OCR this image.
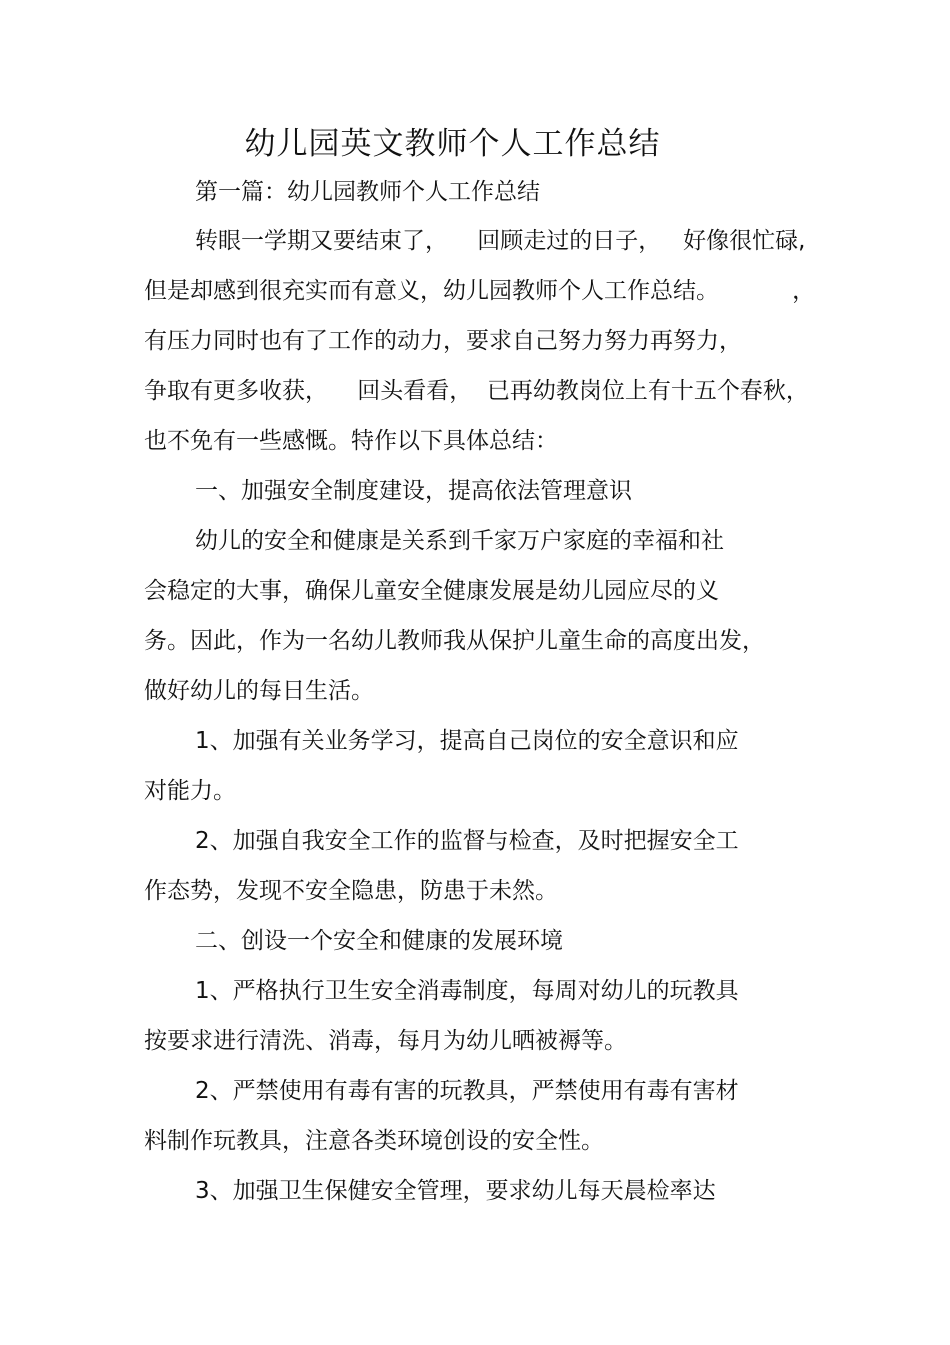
幼儿园英文教师个人工作总结
第一篇：幼儿园教师个人工作总结
转眼一学期又要结束了，    回顾走过的日子，   好像很忙碌,
但是却感到很充实而有意义，幼儿园教师个人工作总结。          ，
有压力同时也有了工作的动力，要求自己努力努力再努力，
争取有更多收获，    回头看看，  已再幼教岗位上有十五个春秋，
也不免有一些感慨。特作以下具体总结：
一、加强安全制度建设，提高依法管理意识
幼儿的安全和健康是关系到千家万户家庭的幸福和社
会稳定的大事，确保儿童安全健康发展是幼儿园应尽的义
务。因此，作为一名幼儿教师我从保护儿童生命的高度出发，
做好幼儿的每日生活。
1、加强有关业务学习，提高自己岗位的安全意识和应
对能力。
2、加强自我安全工作的监督与检查，及时把握安全工
作态势，发现不安全隐患，防患于未然。
二、创设一个安全和健康的发展环境
1、严格执行卫生安全消毒制度，每周对幼儿的玩教具
按要求进行清洗、消毒，每月为幼儿晒被褥等。
2、严禁使用有毒有害的玩教具，严禁使用有毒有害材
料制作玩教具，注意各类环境创设的安全性。
3、加强卫生保健安全管理，要求幼儿每天晨检率达
